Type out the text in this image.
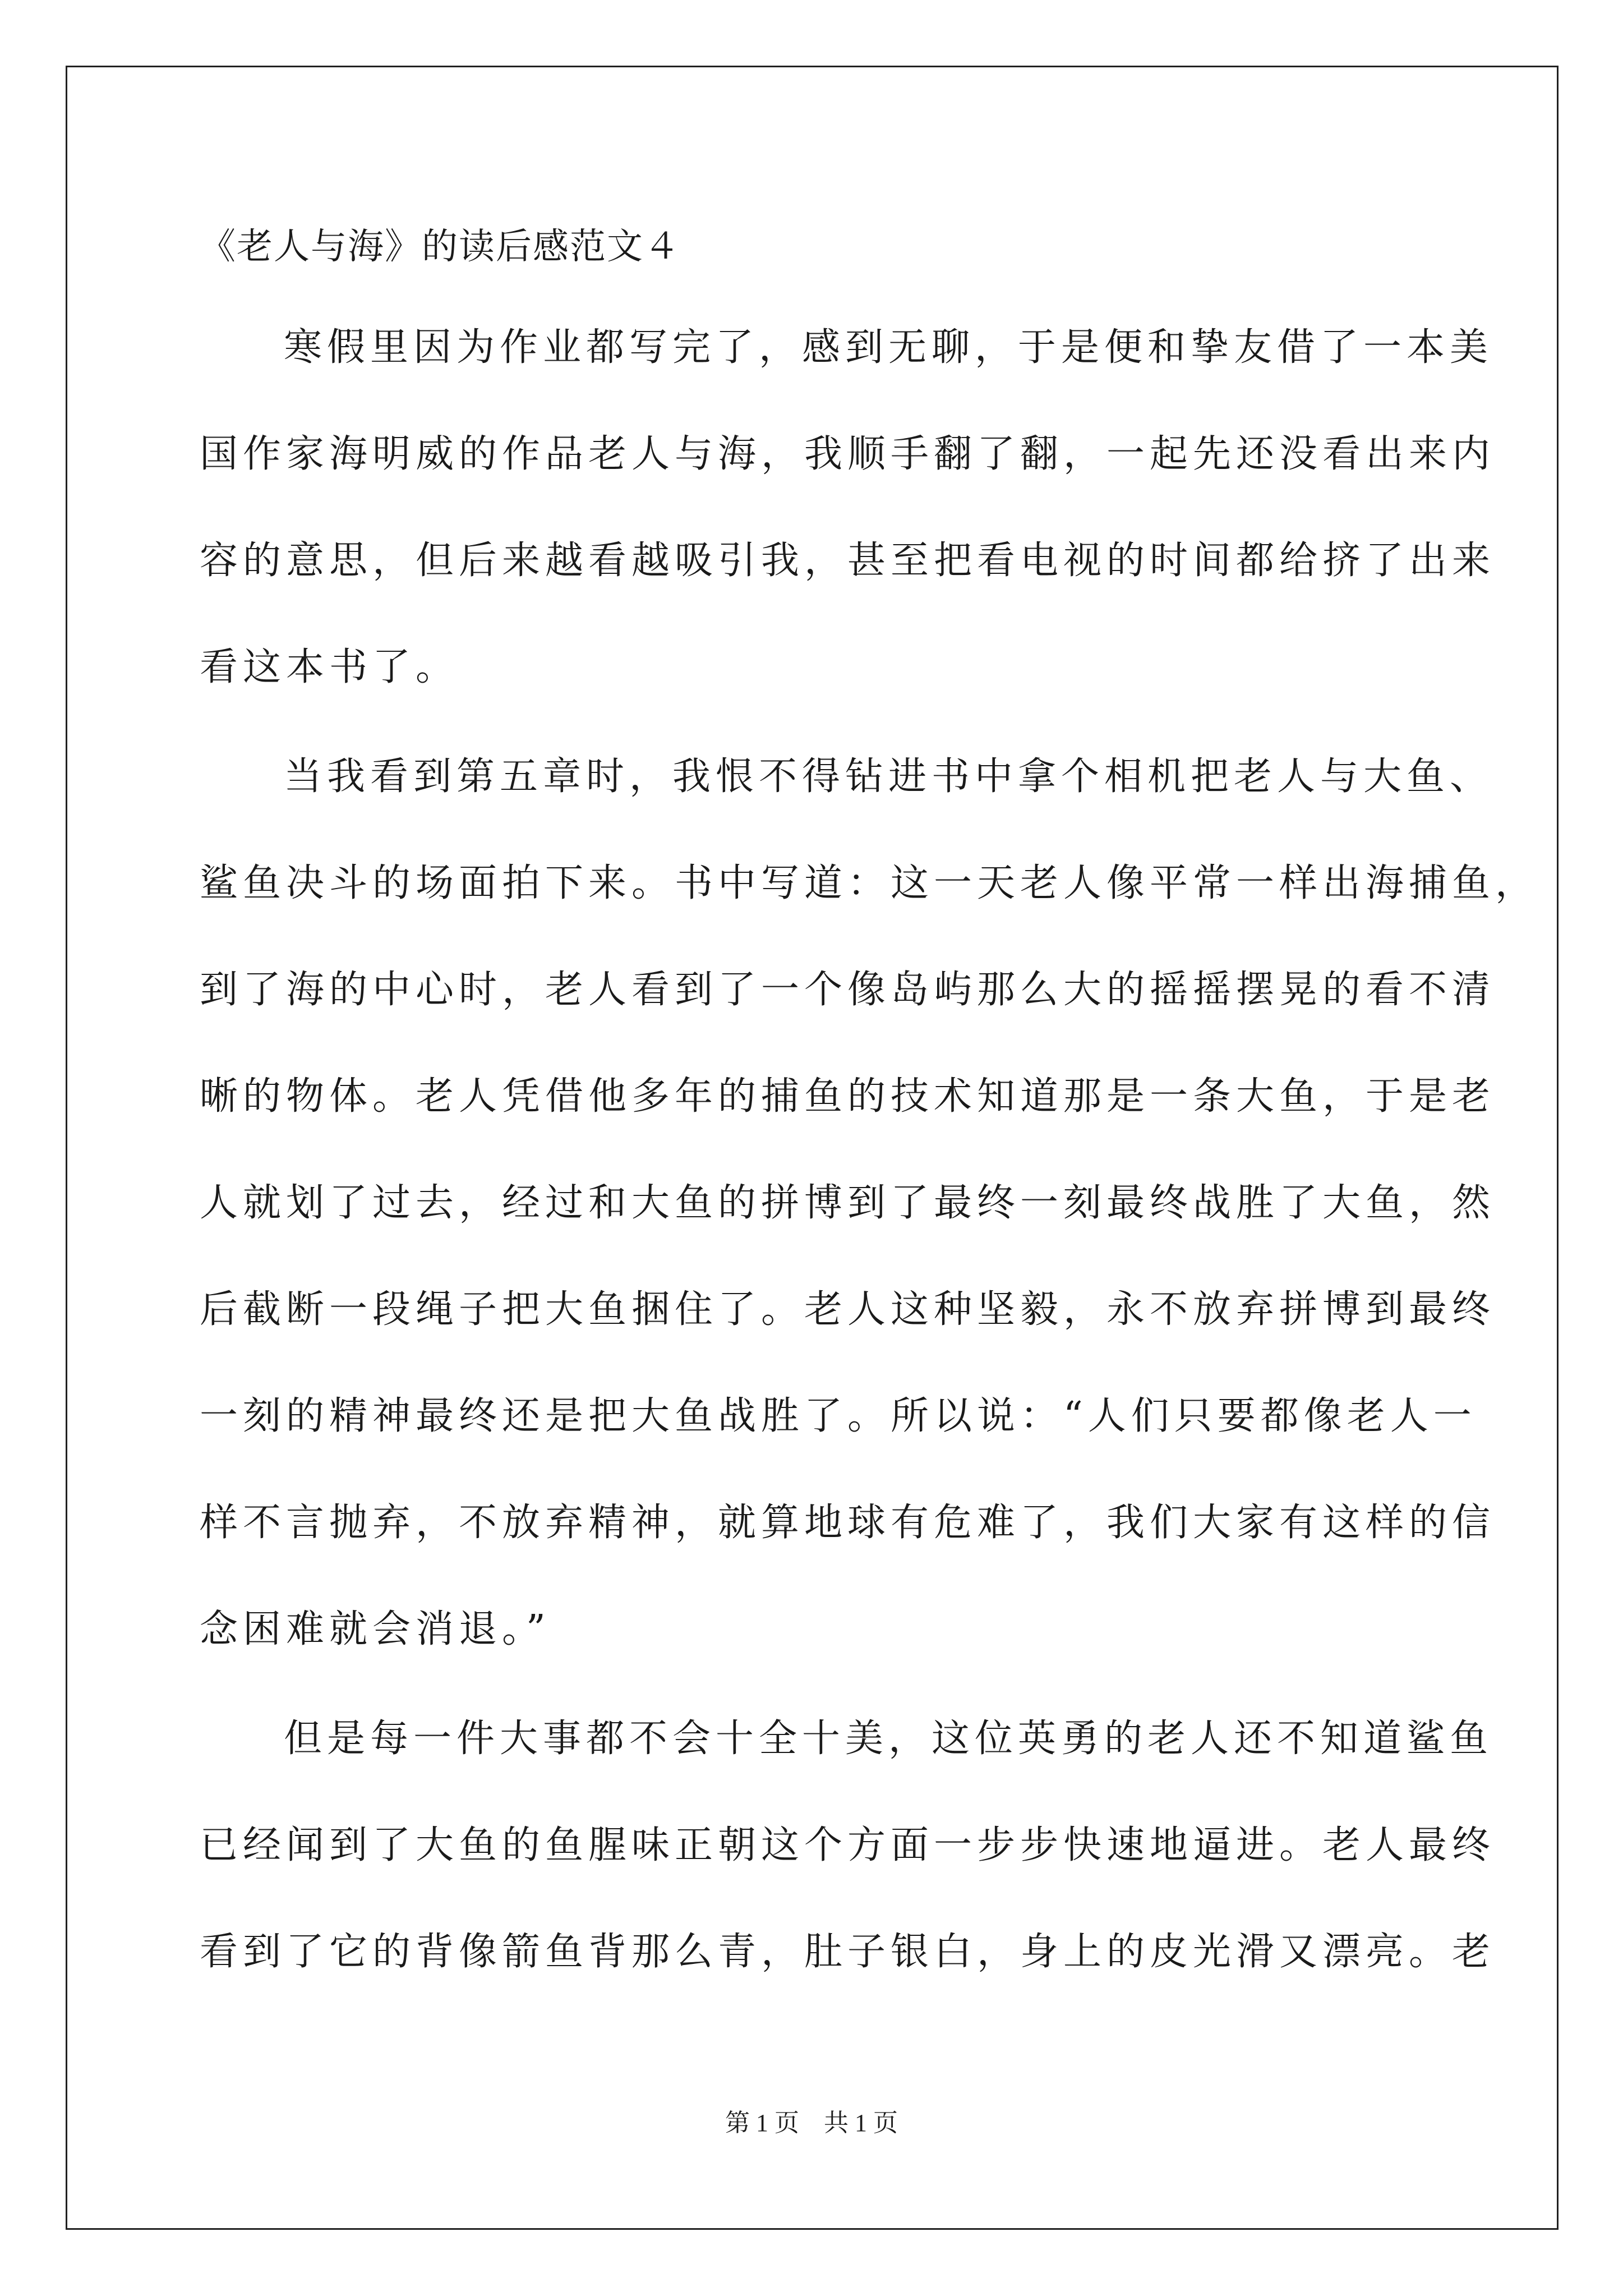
《老人与海》的读后感范文４
寒假里因为作业都写完了，感到无聊，于是便和挚友借了一本美
国作家海明威的作品老人与海，我顺手翻了翻，一起先还没看出来内
容的意思，但后来越看越吸引我，甚至把看电视的时间都给挤了出来
看这本书了。
当我看到第五章时，我恨不得钻进书中拿个相机把老人与大鱼、
鲨鱼决斗的场面拍下来。书中写道：这一天老人像平常一样出海捕鱼，
到了海的中心时，老人看到了一个像岛屿那么大的摇摇摆晃的看不清
晰的物体。老人凭借他多年的捕鱼的技术知道那是一条大鱼，于是老
人就划了过去，经过和大鱼的拼博到了最终一刻最终战胜了大鱼，然
后截断一段绳子把大鱼捆住了。老人这种坚毅，永不放弃拼博到最终
一刻的精神最终还是把大鱼战胜了。所以说：“人们只要都像老人一
样不言抛弃，不放弃精神，就算地球有危难了，我们大家有这样的信
念困难就会消退。”
但是每一件大事都不会十全十美，这位英勇的老人还不知道鲨鱼
已经闻到了大鱼的鱼腥味正朝这个方面一步步快速地逼进。老人最终
看到了它的背像箭鱼背那么青，肚子银白，身上的皮光滑又漂亮。老
第 1 页　共 1 页
